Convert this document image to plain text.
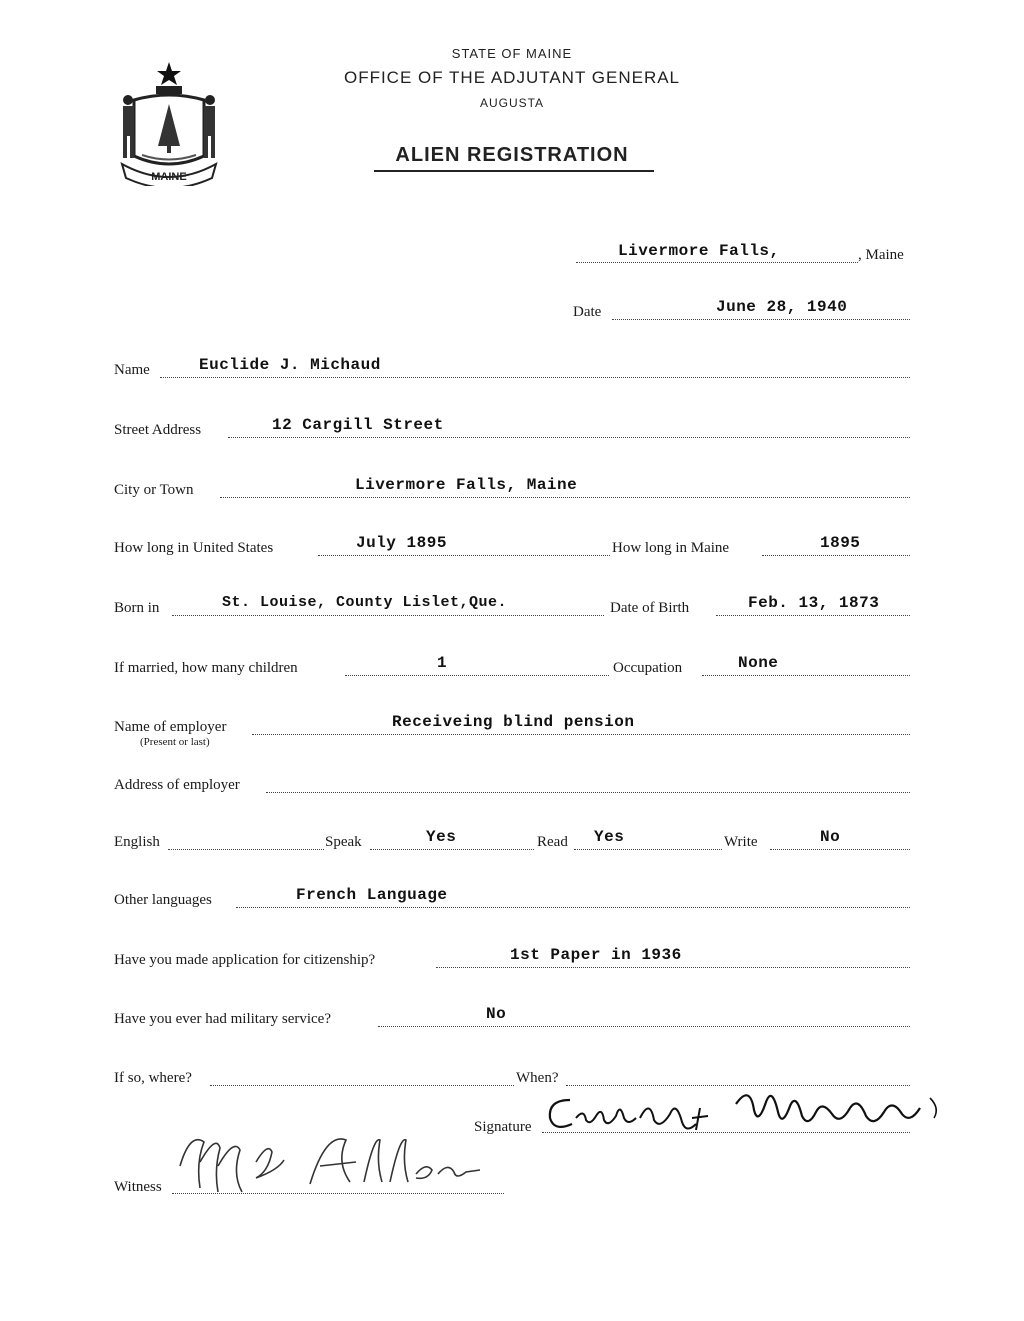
STATE OF MAINE
OFFICE OF THE ADJUTANT GENERAL
AUGUSTA
ALIEN REGISTRATION
MAINE
Livermore Falls,	, Maine
Date	June 28, 1940
Name	Euclide J. Michaud
Street Address	12 Cargill Street
City or Town	Livermore Falls, Maine
How long in United States	July 1895	How long in Maine	1895
Born in	St. Louise, County Lislet,Que.	Date of Birth	Feb. 13, 1873
If married, how many children	1	Occupation	None
Name of employer
(Present or last)
Receiveing blind pension
Address of employer
English	Speak	Yes	Read Yes	Write	No
Other languages	French Language
Have you made application for citizenship?	1st Paper in 1936
Have you ever had military service?	No
If so, where?	When?
Signature
Witness
